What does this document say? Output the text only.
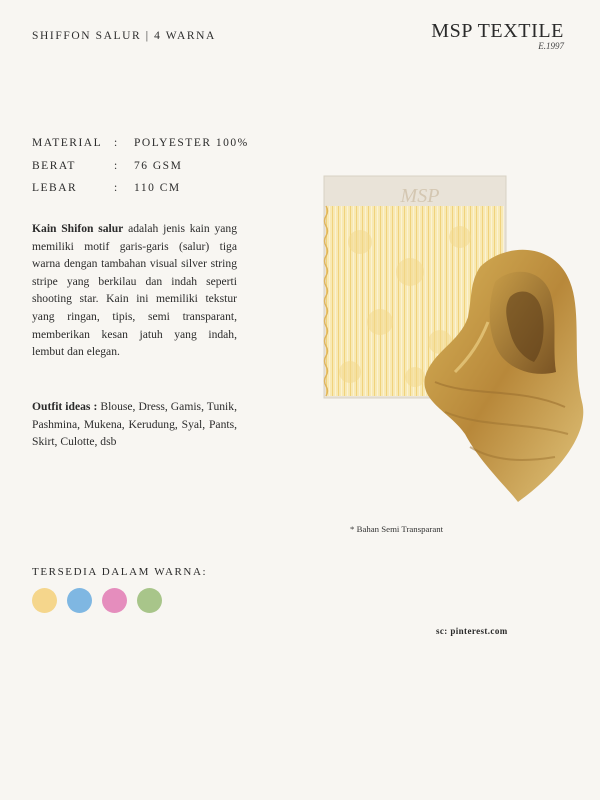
SHIFFON SALUR | 4 WARNA	MSP TEXTILE
E.1997
MATERIAL	:	POLYESTER 100%
BERAT	:	76 GSM
LEBAR	:	110 CM
Kain Shifon salur adalah jenis kain yang memiliki motif garis-garis (salur) tiga warna dengan tambahan visual silver string stripe yang berkilau dan indah seperti shooting star. Kain ini memiliki tekstur yang ringan, tipis, semi transparant, memberikan kesan jatuh yang indah, lembut dan elegan.
Outfit ideas : Blouse, Dress, Gamis, Tunik, Pashmina, Mukena, Kerudung, Syal, Pants, Skirt, Culotte, dsb
MSP
* Bahan Semi Transparant
TERSEDIA DALAM WARNA:
sc: pinterest.com
